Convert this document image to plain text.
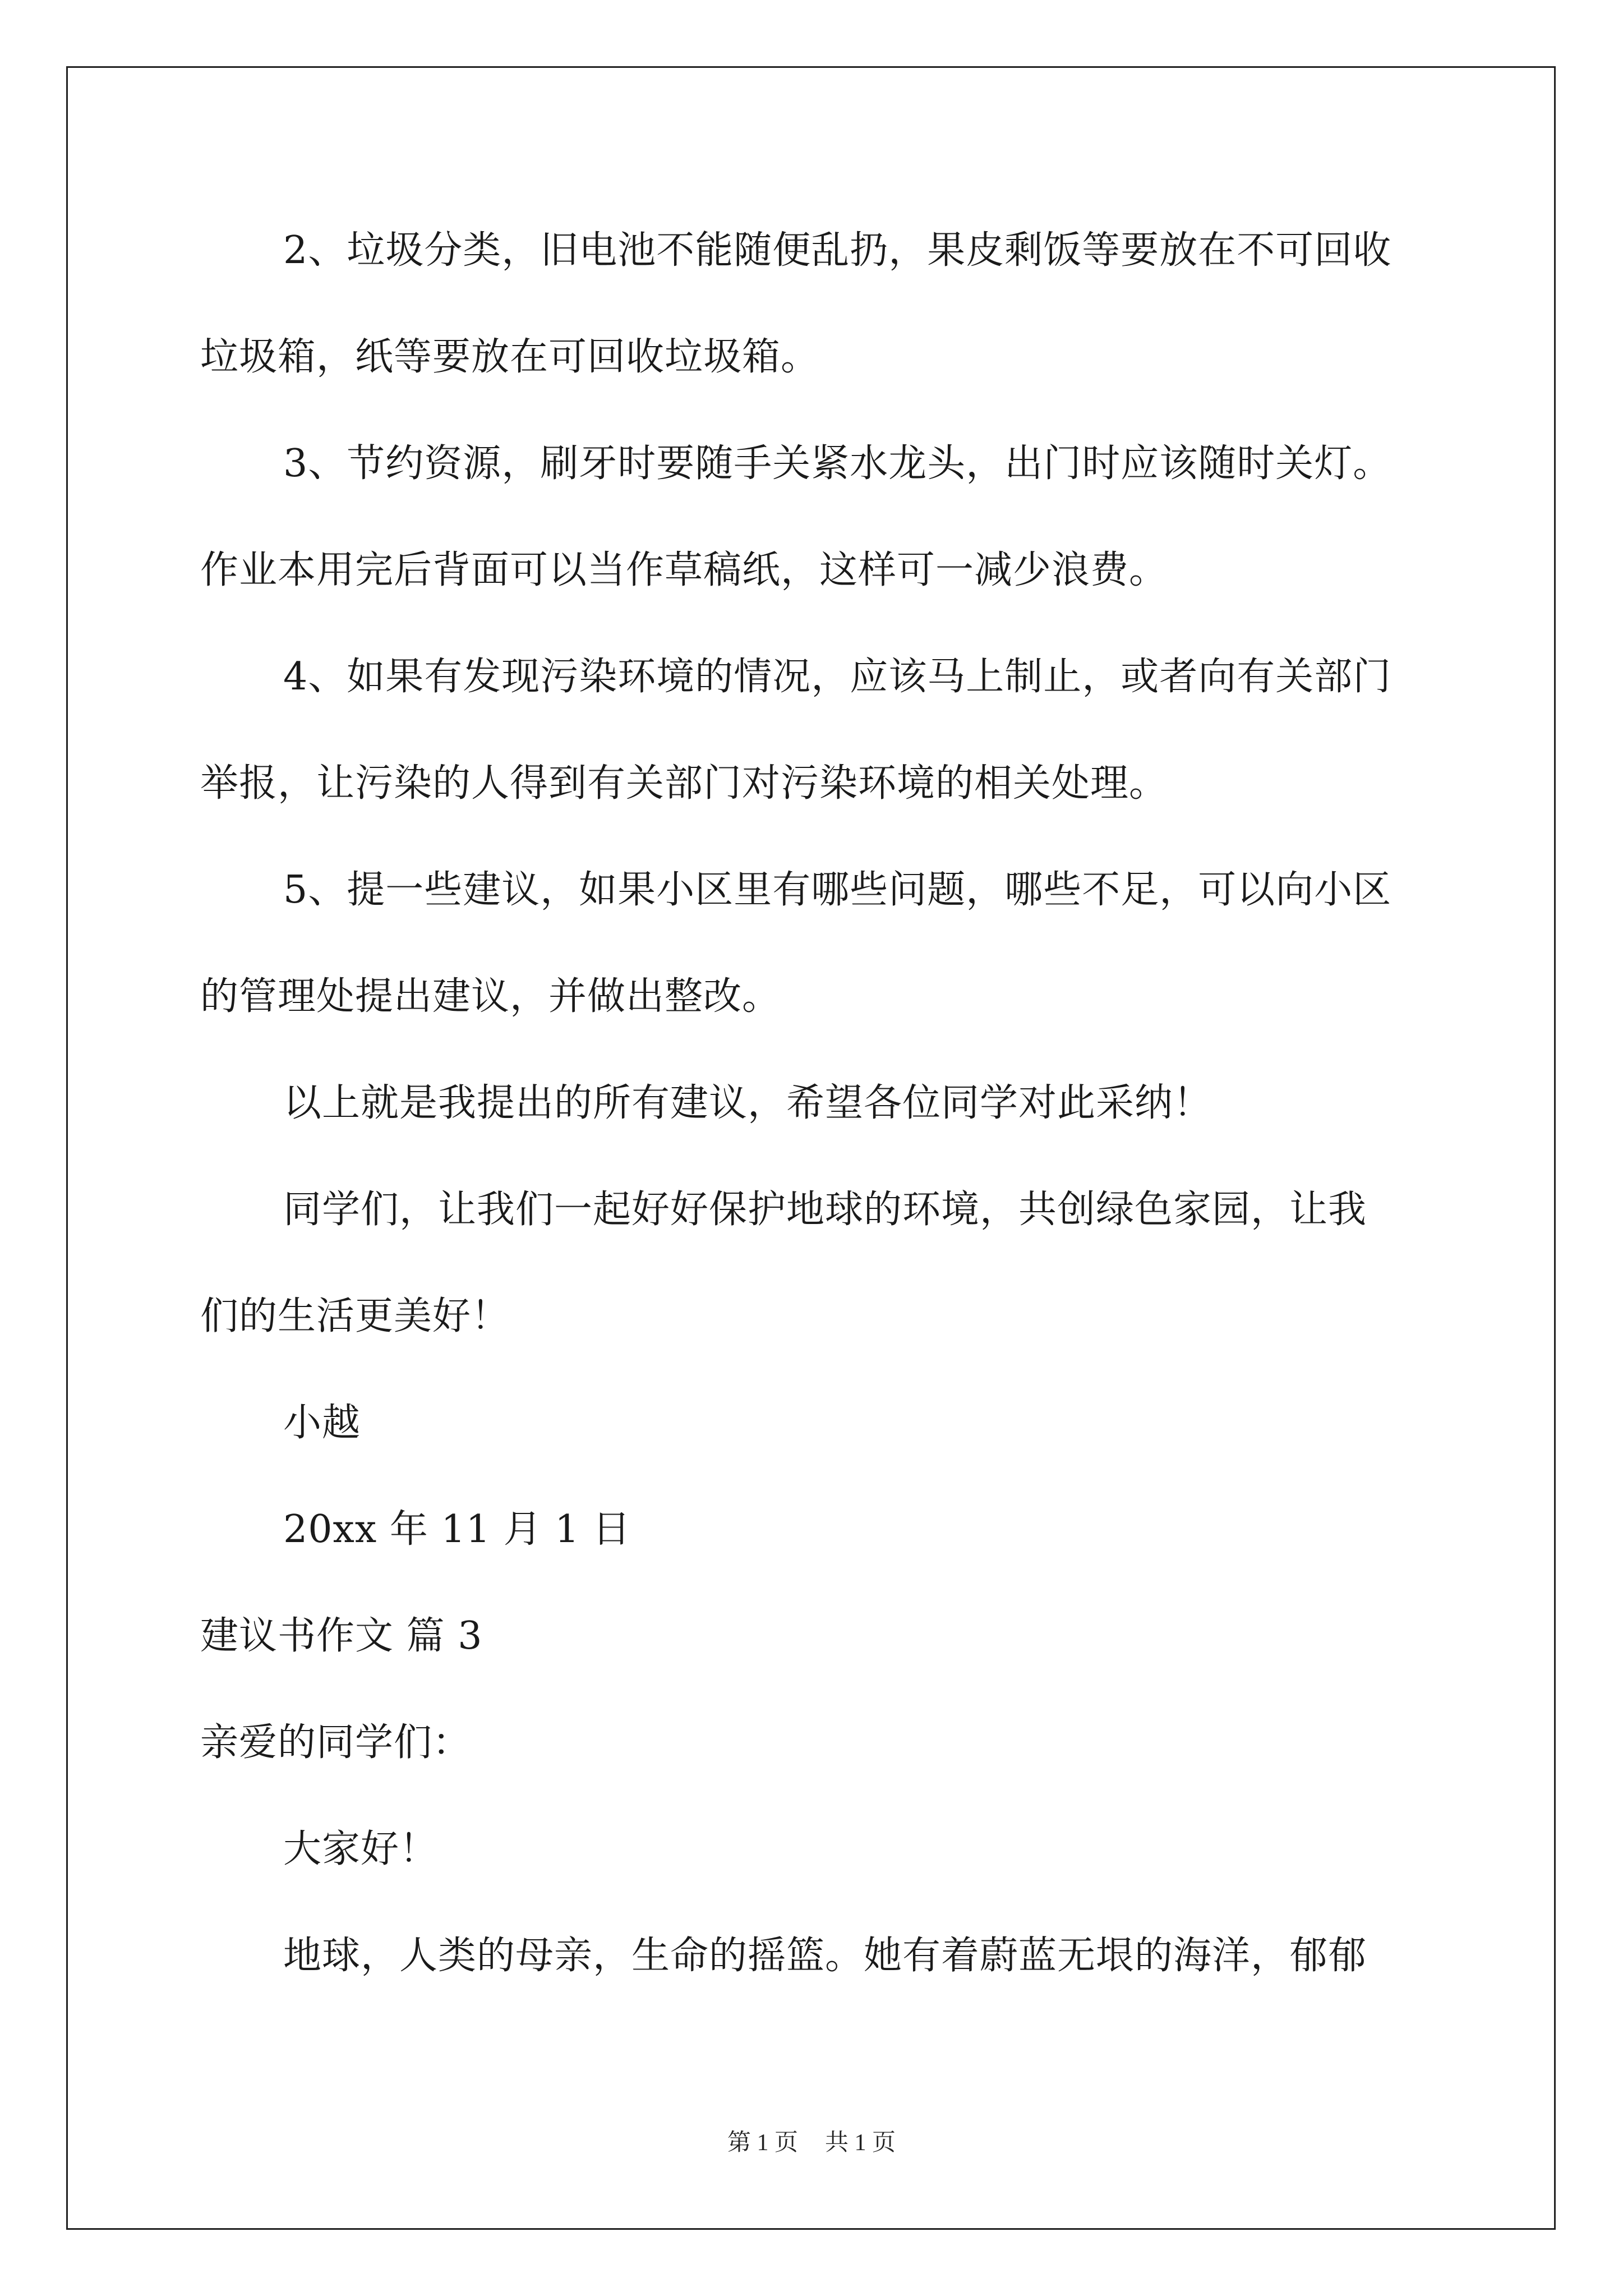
2、垃圾分类，旧电池不能随便乱扔，果皮剩饭等要放在不可回收
垃圾箱，纸等要放在可回收垃圾箱。
3、节约资源，刷牙时要随手关紧水龙头，出门时应该随时关灯。
作业本用完后背面可以当作草稿纸，这样可一减少浪费。
4、如果有发现污染环境的情况，应该马上制止，或者向有关部门
举报，让污染的人得到有关部门对污染环境的相关处理。
5、提一些建议，如果小区里有哪些问题，哪些不足，可以向小区
的管理处提出建议，并做出整改。
以上就是我提出的所有建议，希望各位同学对此采纳！
同学们，让我们一起好好保护地球的环境，共创绿色家园，让我
们的生活更美好！
小越
20xx 年 11 月 1 日
建议书作文 篇 3
亲爱的同学们：
大家好！
地球，人类的母亲，生命的摇篮。她有着蔚蓝无垠的海洋，郁郁
第 1 页 共 1 页
